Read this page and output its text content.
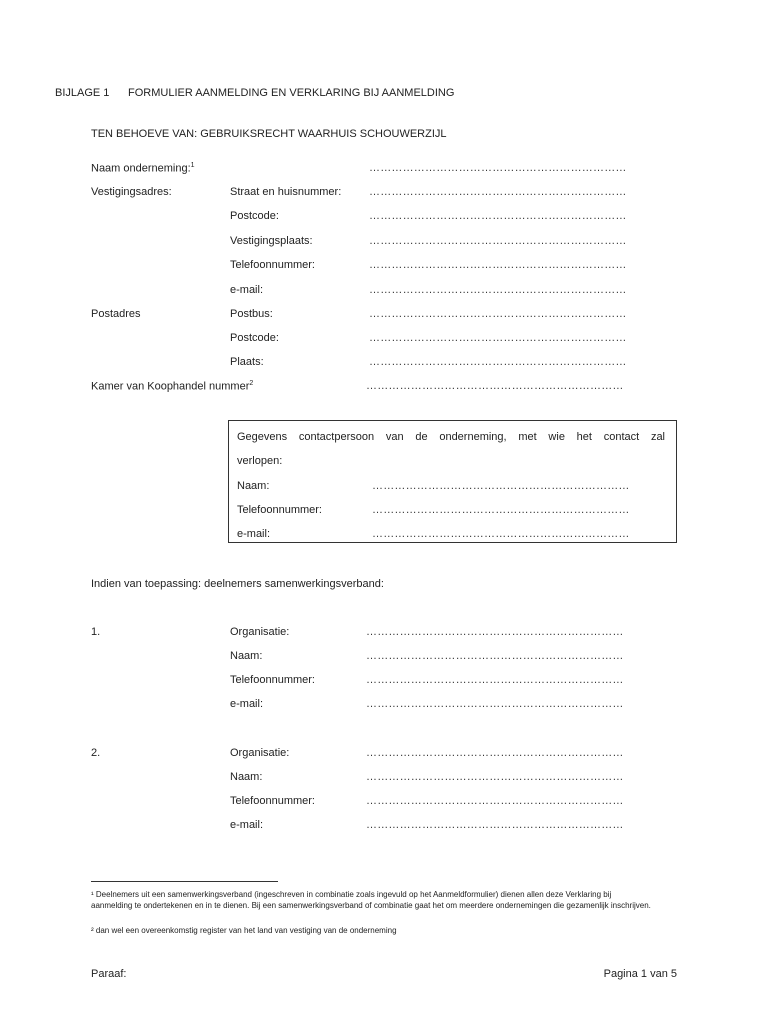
BIJLAGE 1 FORMULIER AANMELDING EN VERKLARING BIJ AANMELDING
TEN BEHOEVE VAN: GEBRUIKSRECHT WAARHUIS SCHOUWERZIJL
Naam onderneming:$^1$	……………………………………………………………
Vestigingsadres:	Straat en huisnummer:	……………………………………………………………
Postcode:	……………………………………………………………
Vestigingsplaats:	……………………………………………………………
Telefoonnummer:	……………………………………………………………
e-mail:	……………………………………………………………
Postadres	Postbus:	……………………………………………………………
Postcode:	……………………………………………………………
Plaats:	……………………………………………………………
Kamer van Koophandel nummer$^2$	……………………………………………………………
Gegevens contactpersoon van de onderneming, met wie het contact zal
verlopen:
Naam:	……………………………………………………………
Telefoonnummer:	……………………………………………………………
e-mail:	……………………………………………………………
Indien van toepassing: deelnemers samenwerkingsverband:
1.	Organisatie:	……………………………………………………………
Naam:	……………………………………………………………
Telefoonnummer:	……………………………………………………………
e-mail:	……………………………………………………………
2.	Organisatie:	……………………………………………………………
Naam:	……………………………………………………………
Telefoonnummer:	……………………………………………………………
e-mail:	……………………………………………………………
¹ Deelnemers uit een samenwerkingsverband (ingeschreven in combinatie zoals ingevuld op het Aanmeldformulier) dienen allen deze Verklaring bij aanmelding te ondertekenen en in te dienen. Bij een samenwerkingsverband of combinatie gaat het om meerdere ondernemingen die gezamenlijk inschrijven.
² dan wel een overeenkomstig register van het land van vestiging van de onderneming
Paraaf:	Pagina 1 van 5
